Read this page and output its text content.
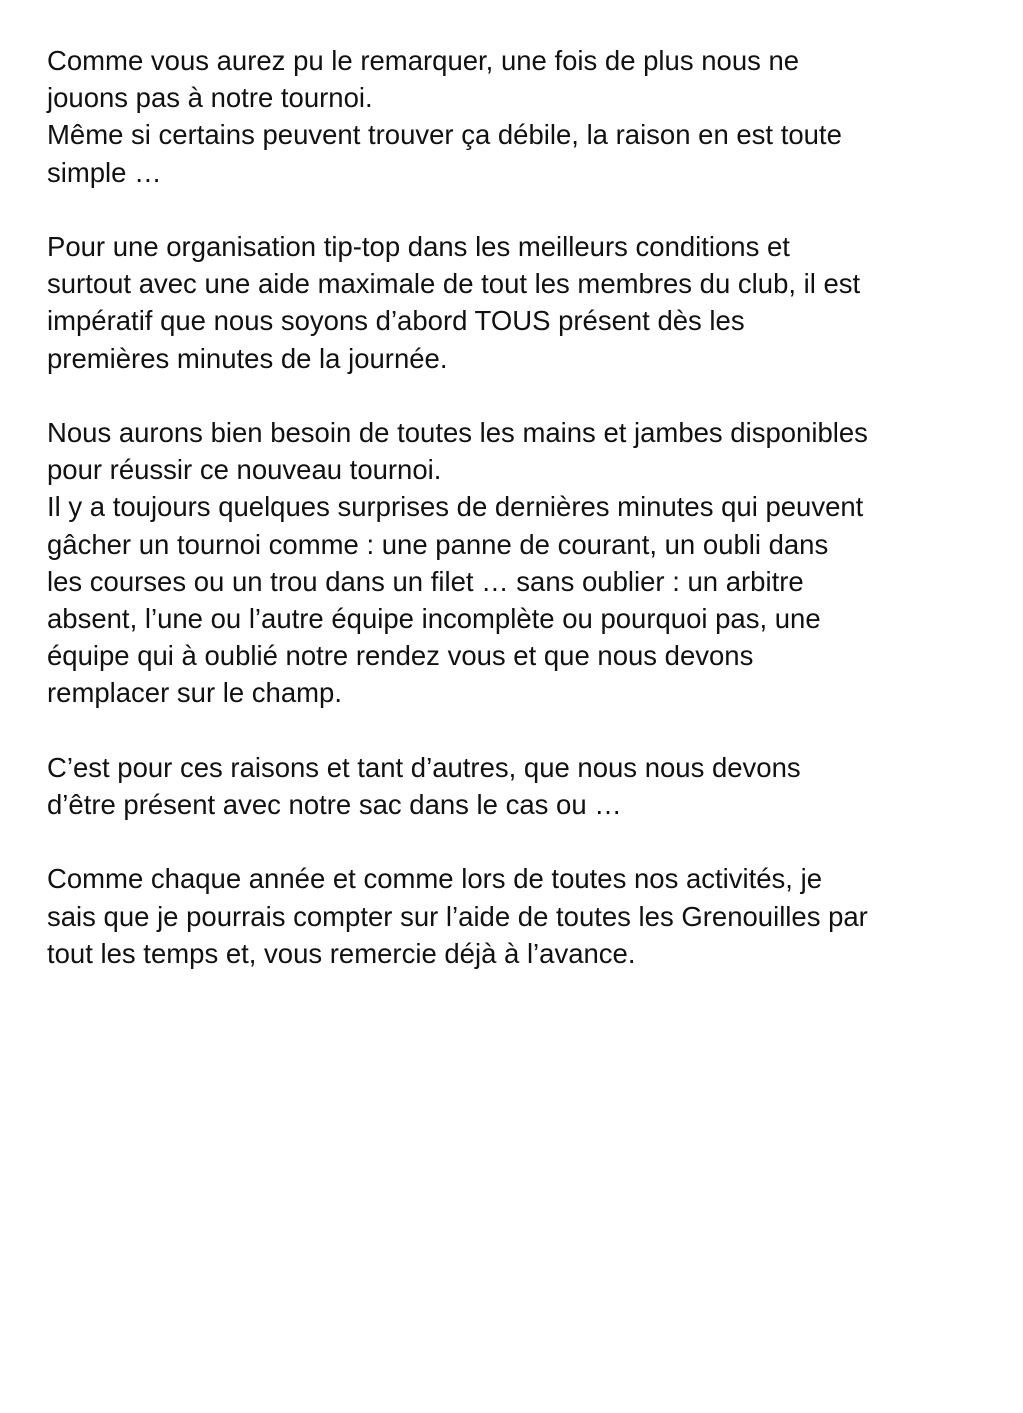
Comme vous aurez pu le remarquer, une fois de plus nous ne
jouons pas à notre tournoi.
Même si certains peuvent trouver ça débile, la raison en est toute
simple …
Pour une organisation tip-top dans les meilleurs conditions et
surtout avec une aide maximale de tout les membres du club, il est
impératif que nous soyons d’abord TOUS présent dès les
premières minutes de la journée.
Nous aurons bien besoin de toutes les mains et jambes disponibles
pour réussir ce nouveau tournoi.
Il y a toujours quelques surprises de dernières minutes qui peuvent
gâcher un tournoi comme : une panne de courant, un oubli dans
les courses ou un trou dans un filet … sans oublier : un arbitre
absent, l’une ou l’autre équipe incomplète ou pourquoi pas, une
équipe qui à oublié notre rendez vous et que nous devons
remplacer sur le champ.
C’est pour ces raisons et tant d’autres, que nous nous devons
d’être présent avec notre sac dans le cas ou …
Comme chaque année et comme lors de toutes nos activités, je
sais que je pourrais compter sur l’aide de toutes les Grenouilles par
tout les temps et, vous remercie déjà à l’avance.
